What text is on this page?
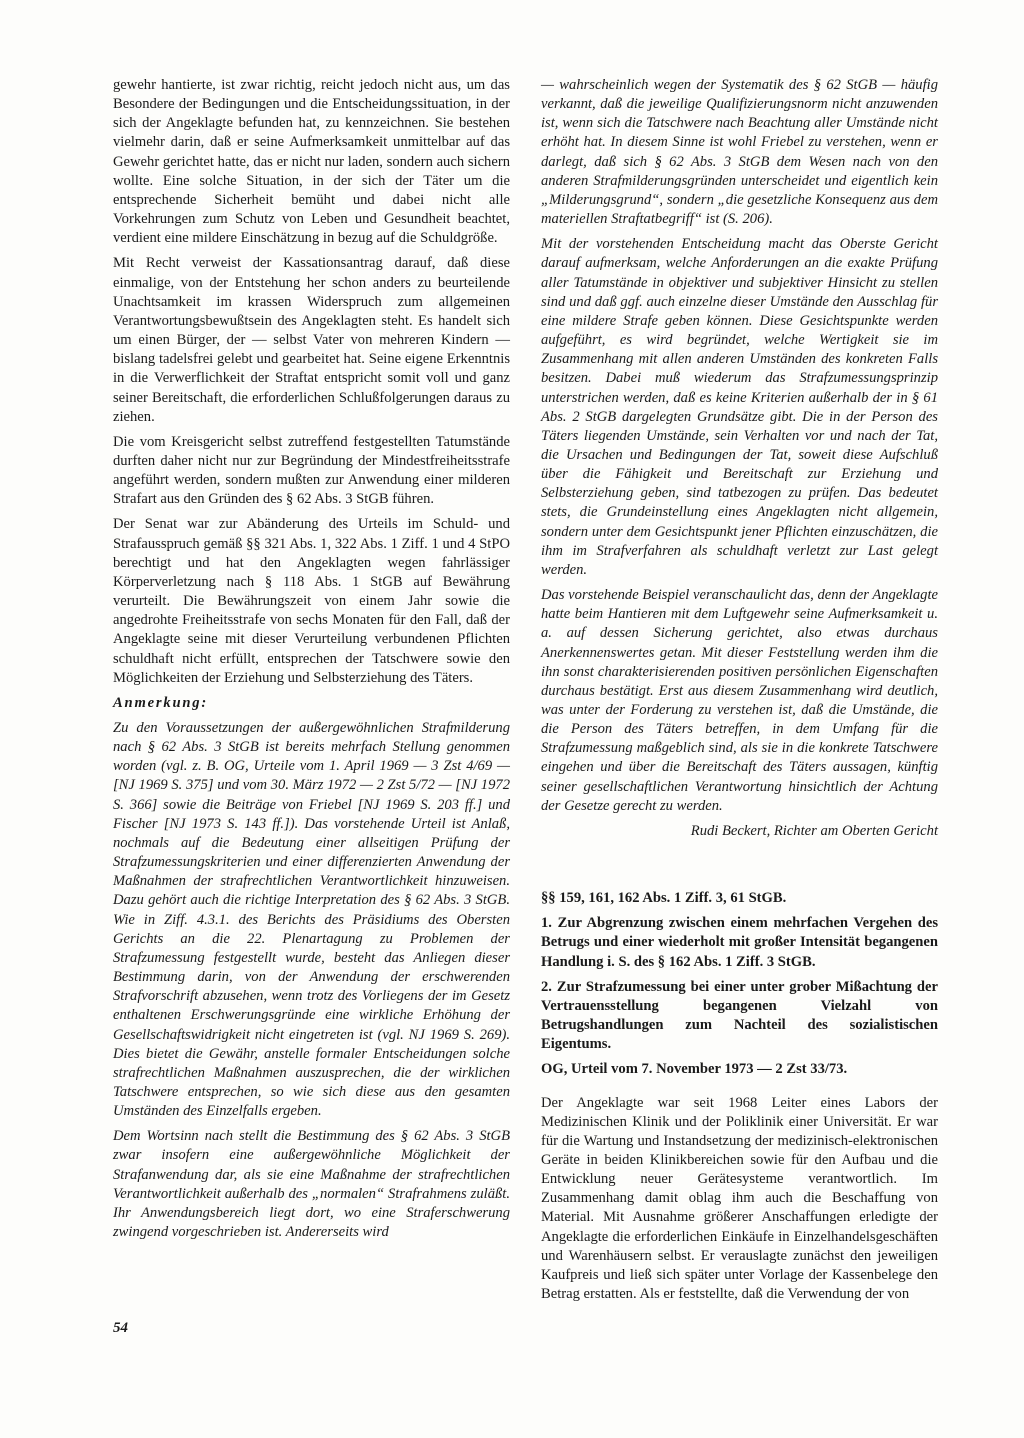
gewehr hantierte, ist zwar richtig, reicht jedoch nicht aus, um das Besondere der Bedingungen und die Entscheidungssituation, in der sich der Angeklagte befunden hat, zu kennzeichnen. Sie bestehen vielmehr darin, daß er seine Aufmerksamkeit unmittelbar auf das Gewehr gerichtet hatte, das er nicht nur laden, sondern auch sichern wollte. Eine solche Situation, in der sich der Täter um die entsprechende Sicherheit bemüht und dabei nicht alle Vorkehrungen zum Schutz von Leben und Gesundheit beachtet, verdient eine mildere Einschätzung in bezug auf die Schuldgröße.

Mit Recht verweist der Kassationsantrag darauf, daß diese einmalige, von der Entstehung her schon anders zu beurteilende Unachtsamkeit im krassen Widerspruch zum allgemeinen Verantwortungsbewußtsein des Angeklagten steht. Es handelt sich um einen Bürger, der — selbst Vater von mehreren Kindern — bislang tadelsfrei gelebt und gearbeitet hat. Seine eigene Erkenntnis in die Verwerflichkeit der Straftat entspricht somit voll und ganz seiner Bereitschaft, die erforderlichen Schlußfolgerungen daraus zu ziehen.

Die vom Kreisgericht selbst zutreffend festgestellten Tatumstände durften daher nicht nur zur Begründung der Mindestfreiheitsstrafe angeführt werden, sondern mußten zur Anwendung einer milderen Strafart aus den Gründen des § 62 Abs. 3 StGB führen.

Der Senat war zur Abänderung des Urteils im Schuld- und Strafausspruch gemäß §§ 321 Abs. 1, 322 Abs. 1 Ziff. 1 und 4 StPO berechtigt und hat den Angeklagten wegen fahrlässiger Körperverletzung nach § 118 Abs. 1 StGB auf Bewährung verurteilt. Die Bewährungszeit von einem Jahr sowie die angedrohte Freiheitsstrafe von sechs Monaten für den Fall, daß der Angeklagte seine mit dieser Verurteilung verbundenen Pflichten schuldhaft nicht erfüllt, entsprechen der Tatschwere sowie den Möglichkeiten der Erziehung und Selbsterziehung des Täters.

Anmerkung:

Zu den Voraussetzungen der außergewöhnlichen Strafmilderung nach § 62 Abs. 3 StGB ist bereits mehrfach Stellung genommen worden (vgl. z. B. OG, Urteile vom 1. April 1969 — 3 Zst 4/69 — [NJ 1969 S. 375] und vom 30. März 1972 — 2 Zst 5/72 — [NJ 1972 S. 366] sowie die Beiträge von Friebel [NJ 1969 S. 203 ff.] und Fischer [NJ 1973 S. 143 ff.]). Das vorstehende Urteil ist Anlaß, nochmals auf die Bedeutung einer allseitigen Prüfung der Strafzumessungskriterien und einer differenzierten Anwendung der Maßnahmen der strafrechtlichen Verantwortlichkeit hinzuweisen. Dazu gehört auch die richtige Interpretation des § 62 Abs. 3 StGB. Wie in Ziff. 4.3.1. des Berichts des Präsidiums des Obersten Gerichts an die 22. Plenartagung zu Problemen der Strafzumessung festgestellt wurde, besteht das Anliegen dieser Bestimmung darin, von der Anwendung der erschwerenden Strafvorschrift abzusehen, wenn trotz des Vorliegens der im Gesetz enthaltenen Erschwerungsgründe eine wirkliche Erhöhung der Gesellschaftswidrigkeit nicht eingetreten ist (vgl. NJ 1969 S. 269). Dies bietet die Gewähr, anstelle formaler Entscheidungen solche strafrechtlichen Maßnahmen auszusprechen, die der wirklichen Tatschwere entsprechen, so wie sich diese aus den gesamten Umständen des Einzelfalls ergeben.

Dem Wortsinn nach stellt die Bestimmung des § 62 Abs. 3 StGB zwar insofern eine außergewöhnliche Möglichkeit der Strafanwendung dar, als sie eine Maßnahme der strafrechtlichen Verantwortlichkeit außerhalb des „normalen“ Strafrahmens zuläßt. Ihr Anwendungsbereich liegt dort, wo eine Straferschwerung zwingend vorgeschrieben ist. Andererseits wird

— wahrscheinlich wegen der Systematik des § 62 StGB — häufig verkannt, daß die jeweilige Qualifizierungsnorm nicht anzuwenden ist, wenn sich die Tatschwere nach Beachtung aller Umstände nicht erhöht hat. In diesem Sinne ist wohl Friebel zu verstehen, wenn er darlegt, daß sich § 62 Abs. 3 StGB dem Wesen nach von den anderen Strafmilderungsgründen unterscheidet und eigentlich kein „Milderungsgrund“, sondern „die gesetzliche Konsequenz aus dem materiellen Straftatbegriff“ ist (S. 206).

Mit der vorstehenden Entscheidung macht das Oberste Gericht darauf aufmerksam, welche Anforderungen an die exakte Prüfung aller Tatumstände in objektiver und subjektiver Hinsicht zu stellen sind und daß ggf. auch einzelne dieser Umstände den Ausschlag für eine mildere Strafe geben können. Diese Gesichtspunkte werden aufgeführt, es wird begründet, welche Wertigkeit sie im Zusammenhang mit allen anderen Umständen des konkreten Falls besitzen. Dabei muß wiederum das Strafzumessungsprinzip unterstrichen werden, daß es keine Kriterien außerhalb der in § 61 Abs. 2 StGB dargelegten Grundsätze gibt. Die in der Person des Täters liegenden Umstände, sein Verhalten vor und nach der Tat, die Ursachen und Bedingungen der Tat, soweit diese Aufschluß über die Fähigkeit und Bereitschaft zur Erziehung und Selbsterziehung geben, sind tatbezogen zu prüfen. Das bedeutet stets, die Grundeinstellung eines Angeklagten nicht allgemein, sondern unter dem Gesichtspunkt jener Pflichten einzuschätzen, die ihm im Strafverfahren als schuldhaft verletzt zur Last gelegt werden.

Das vorstehende Beispiel veranschaulicht das, denn der Angeklagte hatte beim Hantieren mit dem Luftgewehr seine Aufmerksamkeit u. a. auf dessen Sicherung gerichtet, also etwas durchaus Anerkennenswertes getan. Mit dieser Feststellung werden ihm die ihn sonst charakterisierenden positiven persönlichen Eigenschaften durchaus bestätigt. Erst aus diesem Zusammenhang wird deutlich, was unter der Forderung zu verstehen ist, daß die Umstände, die die Person des Täters betreffen, in dem Umfang für die Strafzumessung maßgeblich sind, als sie in die konkrete Tatschwere eingehen und über die Bereitschaft des Täters aussagen, künftig seiner gesellschaftlichen Verantwortung hinsichtlich der Achtung der Gesetze gerecht zu werden.

Rudi Beckert, Richter am Oberten Gericht

§§ 159, 161, 162 Abs. 1 Ziff. 3, 61 StGB.

1. Zur Abgrenzung zwischen einem mehrfachen Vergehen des Betrugs und einer wiederholt mit großer Intensität begangenen Handlung i. S. des § 162 Abs. 1 Ziff. 3 StGB.

2. Zur Strafzumessung bei einer unter grober Mißachtung der Vertrauensstellung begangenen Vielzahl von Betrugshandlungen zum Nachteil des sozialistischen Eigentums.

OG, Urteil vom 7. November 1973 — 2 Zst 33/73.

Der Angeklagte war seit 1968 Leiter eines Labors der Medizinischen Klinik und der Poliklinik einer Universität. Er war für die Wartung und Instandsetzung der medizinisch-elektronischen Geräte in beiden Klinikbereichen sowie für den Aufbau und die Entwicklung neuer Gerätesysteme verantwortlich. Im Zusammenhang damit oblag ihm auch die Beschaffung von Material. Mit Ausnahme größerer Anschaffungen erledigte der Angeklagte die erforderlichen Einkäufe in Einzelhandelsgeschäften und Warenhäusern selbst. Er verauslagte zunächst den jeweiligen Kaufpreis und ließ sich später unter Vorlage der Kassenbelege den Betrag erstatten. Als er feststellte, daß die Verwendung der von

54
